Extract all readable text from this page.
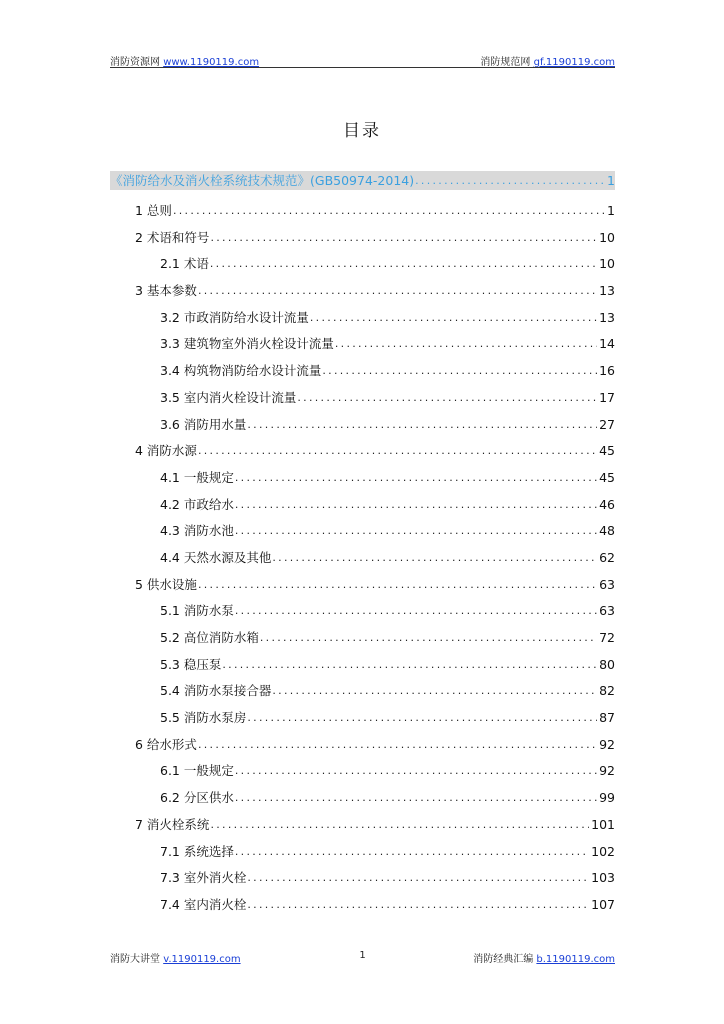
消防资源网 www.1190119.com	消防规范网 gf.1190119.com
目录
《消防给水及消火栓系统技术规范》(GB50974-2014) . . .	1
1 总则 . . .	1
2 术语和符号 . . .	10
2.1 术语 . . .	10
3 基本参数 . . .	13
3.2 市政消防给水设计流量 . . .	13
3.3 建筑物室外消火栓设计流量 . . .	14
3.4 构筑物消防给水设计流量 . . .	16
3.5 室内消火栓设计流量 . . .	17
3.6 消防用水量 . . .	27
4 消防水源 . . .	45
4.1 一般规定 . . .	45
4.2 市政给水 . . .	46
4.3 消防水池 . . .	48
4.4 天然水源及其他 . . .	62
5 供水设施 . . .	63
5.1 消防水泵 . . .	63
5.2 高位消防水箱 . . .	72
5.3 稳压泵 . . .	80
5.4 消防水泵接合器 . . .	82
5.5 消防水泵房 . . .	87
6 给水形式 . . .	92
6.1 一般规定 . . .	92
6.2 分区供水 . . .	99
7 消火栓系统 . . .	101
7.1 系统选择 . . .	102
7.3 室外消火栓 . . .	103
7.4 室内消火栓 . . .	107
消防大讲堂 v.1190119.com	1	消防经典汇编 b.1190119.com
